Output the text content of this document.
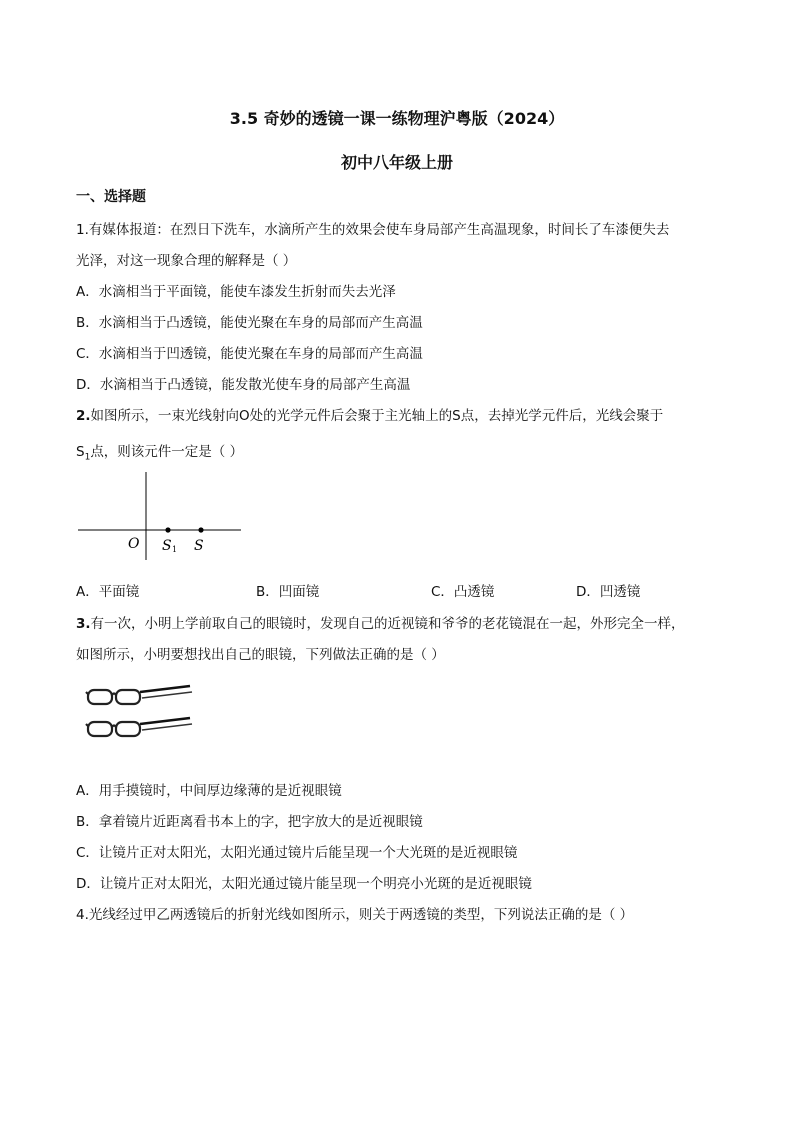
3.5 奇妙的透镜一课一练物理沪粤版（2024）
初中八年级上册
一、选择题
1.有媒体报道：在烈日下洗车，水滴所产生的效果会使车身局部产生高温现象，时间长了车漆便失去
光泽，对这一现象合理的解释是（ ）
A．水滴相当于平面镜，能使车漆发生折射而失去光泽
B．水滴相当于凸透镜，能使光聚在车身的局部而产生高温
C．水滴相当于凹透镜，能使光聚在车身的局部而产生高温
D．水滴相当于凸透镜，能发散光使车身的局部产生高温
2.如图所示，一束光线射向O处的光学元件后会聚于主光轴上的S点，去掉光学元件后，光线会聚于
$S_1$点，则该元件一定是（ ）
O S 1 S
A．平面镜	B．凹面镜	C．凸透镜	D．凹透镜
3.有一次，小明上学前取自己的眼镜时，发现自己的近视镜和爷爷的老花镜混在一起，外形完全一样，
如图所示，小明要想找出自己的眼镜，下列做法正确的是（ ）
A．用手摸镜时，中间厚边缘薄的是近视眼镜
B．拿着镜片近距离看书本上的字，把字放大的是近视眼镜
C．让镜片正对太阳光，太阳光通过镜片后能呈现一个大光斑的是近视眼镜
D．让镜片正对太阳光，太阳光通过镜片能呈现一个明亮小光斑的是近视眼镜
4.光线经过甲乙两透镜后的折射光线如图所示，则关于两透镜的类型，下列说法正确的是（ ）
